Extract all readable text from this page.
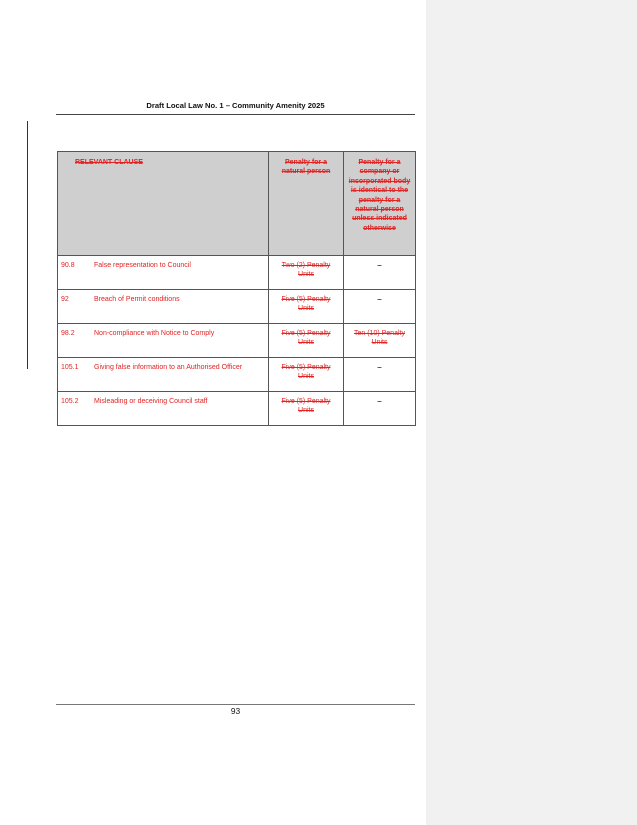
Draft Local Law No. 1 – Community Amenity 2025
RELEVANT CLAUSE	Penalty for a natural person	Penalty for a company or incorporated body is identical to the penalty for a natural person unless indicated otherwise

90.8 False representation to Council	Two (2) Penalty Units	–

92 Breach of Permit conditions	Five (5) Penalty Units	–

98.2 Non-compliance with Notice to Comply	Five (5) Penalty Units	Ten (10) Penalty Units

105.1 Giving false information to an Authorised Officer	Five (5) Penalty Units	–

105.2 Misleading or deceiving Council staff	Five (5) Penalty Units	–
93
